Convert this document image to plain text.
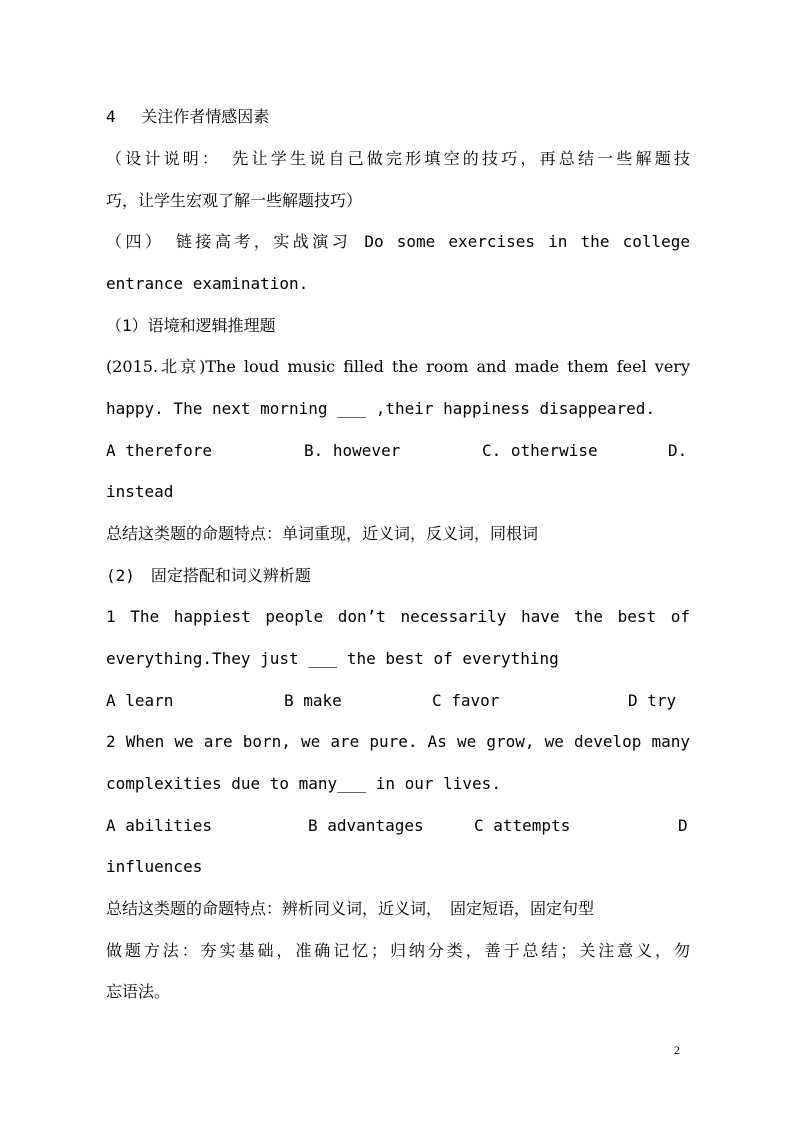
4　 关注作者情感因素
（设计说明：　先让学生说自己做完形填空的技巧，再总结一些解题技
巧，让学生宏观了解一些解题技巧）
（四）　链接高考，实战演习 Do some exercises in the college
entrance examination.
（1）语境和逻辑推理题
(2015.北京)The loud music filled the room and made them feel very
happy. The next morning ___ ,their happiness disappeared.
A therefore	B. however	C. otherwise	D.
instead
总结这类题的命题特点：单词重现，近义词，反义词，同根词
(2)　固定搭配和词义辨析题
1 The happiest people don’t necessarily have the best of
everything.They just ___ the best of everything
A learn	B make	C favor	D try
2 When we are born, we are pure. As we grow, we develop many
complexities due to many___ in our lives.
A abilities	B advantages	C attempts	D
influences
总结这类题的命题特点：辨析同义词，近义词，　固定短语，固定句型
做题方法：夯实基础，准确记忆；归纳分类，善于总结；关注意义，勿
忘语法。
2
